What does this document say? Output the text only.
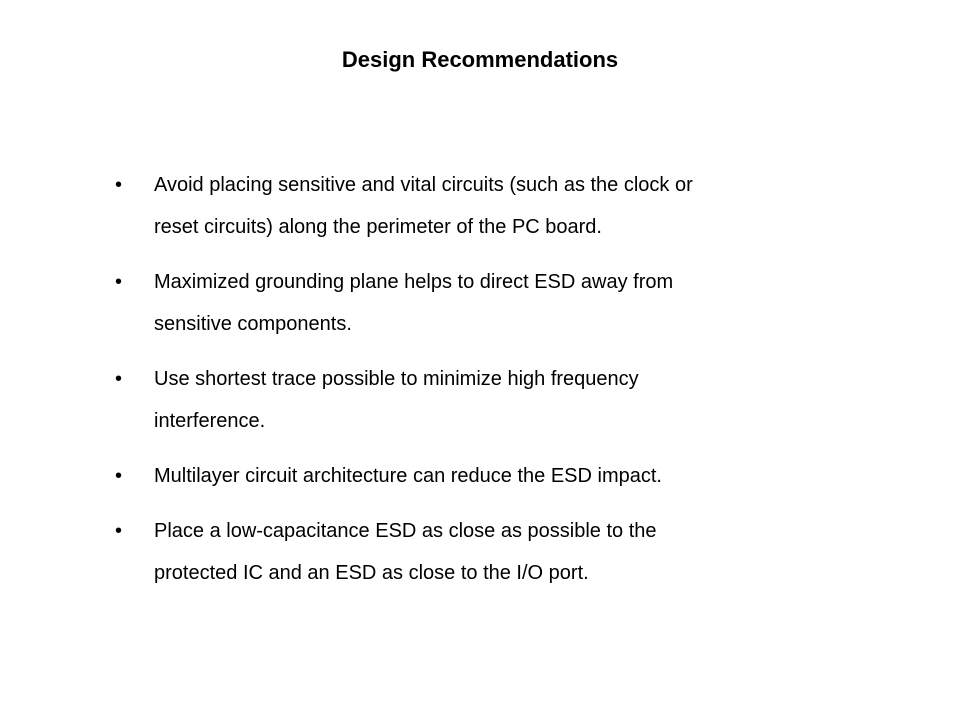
Design Recommendations
• Avoid placing sensitive and vital circuits (such as the clock or
reset circuits) along the perimeter of the PC board.
• Maximized grounding plane helps to direct ESD away from
sensitive components.
• Use shortest trace possible to minimize high frequency
interference.
• Multilayer circuit architecture can reduce the ESD impact.
• Place a low-capacitance ESD as close as possible to the
protected IC and an ESD as close to the I/O port.
